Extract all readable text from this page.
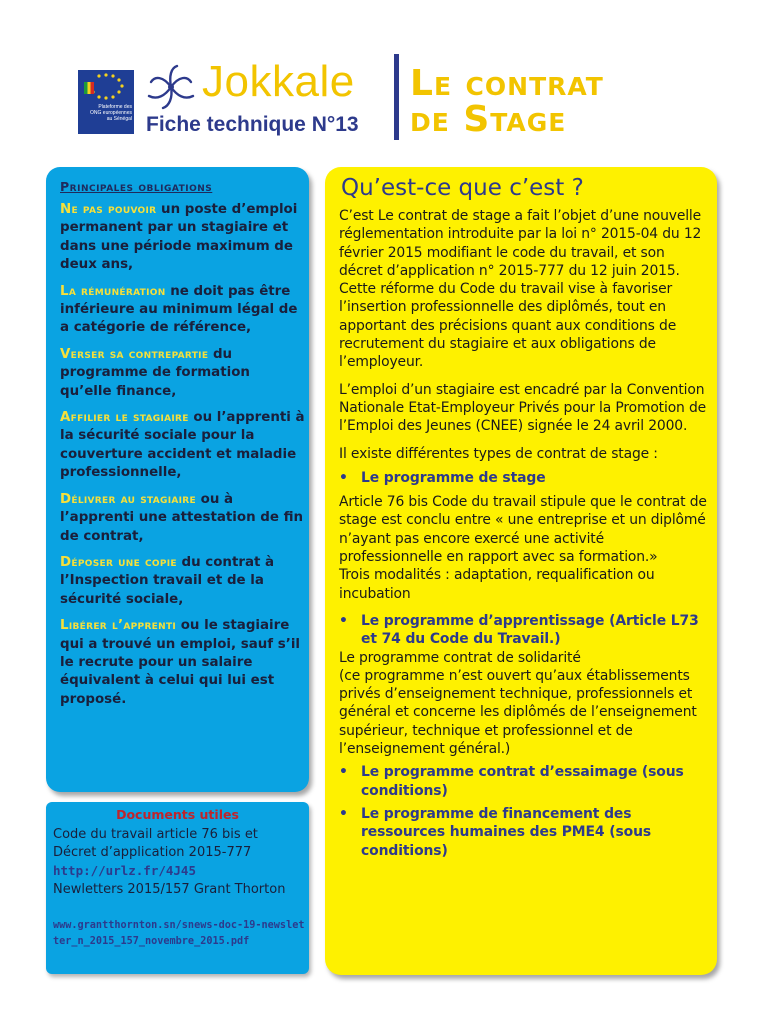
Plateforme des ONG européennes au Sénégal
Jokkale
Fiche technique N°13
Le contrat
de Stage
Principales obligations
Ne pas pouvoir un poste d’emploi permanent par un stagiaire et dans une période maximum de deux ans,
La rémunération ne doit pas être inférieure au minimum légal de a catégorie de référence,
Verser sa contrepartie du programme de formation qu’elle finance,
Affilier le stagiaire ou l’apprenti à la sécurité sociale pour la couverture accident et maladie professionnelle,
Délivrer au stagiaire ou à l’apprenti une attestation de fin de contrat,
Déposer une copie du contrat à l’Inspection travail et de la sécurité sociale,
Libérer l’apprenti ou le stagiaire qui a trouvé un emploi, sauf s’il le recrute pour un salaire équivalent à celui qui lui est proposé.
Documents utiles
Code du travail article 76 bis et Décret d’application 2015-777
http://urlz.fr/4J45
Newletters 2015/157 Grant Thorton
www.grantthornton.sn/snews-doc-19-newsletter_n_2015_157_novembre_2015.pdf
Qu’est-ce que c’est ?

C’est Le contrat de stage a fait l’objet d’une nouvelle réglementation introduite par la loi n° 2015-04 du 12 février 2015 modifiant le code du travail, et son décret d’application n° 2015-777 du 12 juin 2015. Cette réforme du Code du travail vise à favoriser l’insertion professionnelle des diplômés, tout en apportant des précisions quant aux conditions de recrutement du stagiaire et aux obligations de l’employeur.

L’emploi d’un stagiaire est encadré par la Convention Nationale Etat-Employeur Privés pour la Promotion de l’Emploi des Jeunes (CNEE) signée le 24 avril 2000.

Il existe différentes types de contrat de stage :

• Le programme de stage

Article 76 bis Code du travail stipule que le contrat de stage est conclu entre « une entreprise et un diplômé n’ayant pas encore exercé une activité professionnelle en rapport avec sa formation.»

Trois modalités : adaptation, requalification ou incubation

• Le programme d’apprentissage (Article L73 et 74 du Code du Travail.)

Le programme contrat de solidarité

(ce programme n’est ouvert qu’aux établissements privés d’enseignement technique, professionnels et général et concerne les diplômés de l’enseignement supérieur, technique et professionnel et de l’enseignement général.)

• Le programme contrat d’essaimage (sous conditions)
• Le programme de financement des ressources humaines des PME4 (sous conditions)
